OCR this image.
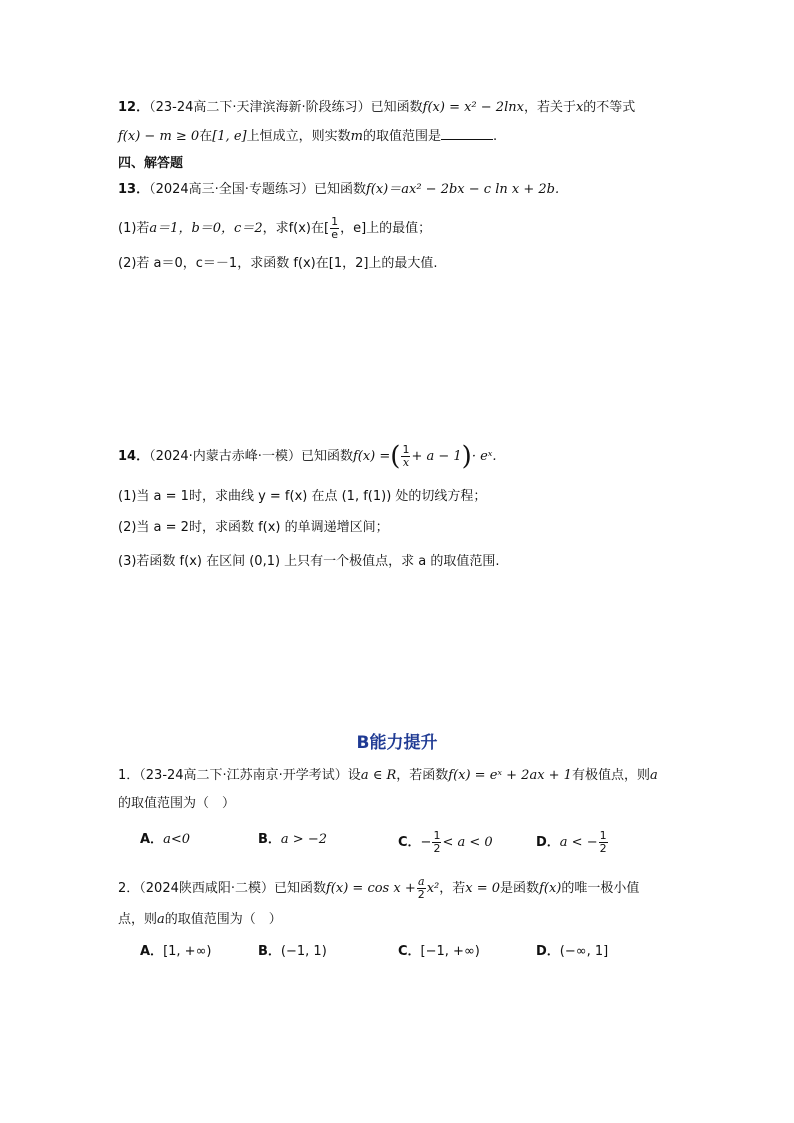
12．（23-24高二下·天津滨海新·阶段练习）已知函数f(x) = x² − 2lnx，若关于x的不等式
f(x) − m ≥ 0在[1, e]上恒成立，则实数m的取值范围是	.
四、解答题
13．（2024高三·全国·专题练习）已知函数f(x)＝ax² − 2bx − c ln x + 2b.
(1)若a＝1，b＝0，c＝2，求f(x)在[ $\frac{1}{e}$ ，e]上的最值；
(2)若 a＝0，c＝－1，求函数 f(x)在[1，2]上的最大值.
14．（2024·内蒙古赤峰·一模）已知函数f(x) =( $\frac{1}{x} + a - 1)\cdot$ eˣ.
(1)当 a = 1时，求曲线 y = f(x) 在点 (1, f(1)) 处的切线方程；
(2)当 a = 2时，求函数 f(x) 的单调递增区间；
(3)若函数 f(x) 在区间 (0,1) 上只有一个极值点，求 a 的取值范围.
B能力提升
1．（23-24高二下·江苏南京·开学考试）设a ∈ R，若函数f(x) = eˣ + 2ax + 1有极值点，则a
的取值范围为（　）
A．a<0	B．a > −2	C．− $\frac{1}{2} < a < 0$	D．a < − $\frac{1}{2}$
2．（2024陕西咸阳·二模）已知函数$f(x) = \cos x + \frac{a}{2} x^2$，若x = 0是函数f(x)的唯一极小值
点，则a的取值范围为（　）
A．[1, +∞)	B．(−1, 1)	C．[−1, +∞)	D．(−∞, 1]
